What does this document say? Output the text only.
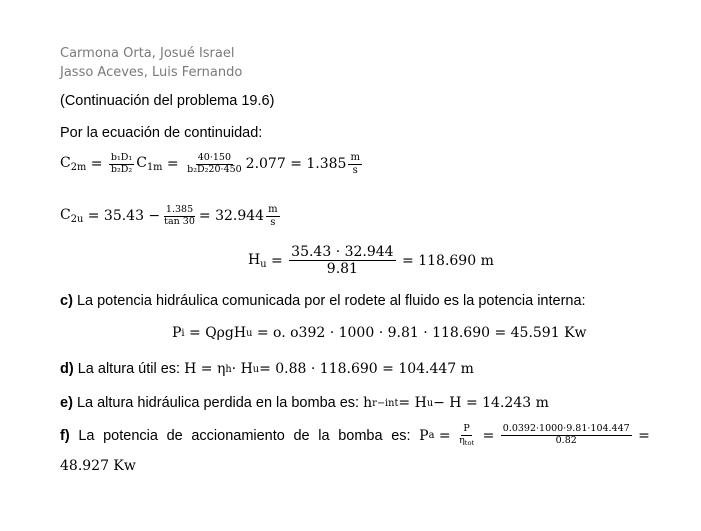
Carmona Orta, Josué Israel
Jasso Aceves, Luis Fernando
(Continuación del problema 19.6)
Por la ecuación de continuidad:
$C_{2m} = \frac{\text{b₁D₁}}{\text{b₂D₂}} C_{1m} = \frac{40\cdot 150}{\text{b₂D₂20·450}} 2.077 = 1.385 \frac{m}{s}$
$C_{2u} = 35.43 - \frac{1.385}{\tan 30} = 32.944 \frac{m}{s}$
$H_u = \frac{35.43 \cdot 32.944}{9.81}$
= 118.690 m
c) La potencia hidráulica comunicada por el rodete al fluido es la potencia interna:
P i
= QρgH u
= o. o392 · 1000 · 9.81 · 118.690 = 45.591 Kw
d)
La altura útil es:
H = η h · H u = 0.88 · 118.690 = 104.447 m
e)
La altura hidráulica perdida en la bomba es:
h r−int = H u − H = 14.243 m
f) La potencia de accionamiento de la bomba es: P $a = \frac{P}{\eta_{tot}} = \frac{0.0392\cdot 1000\cdot 9.81\cdot 104.447}{0.82}$ =
48.927 Kw
